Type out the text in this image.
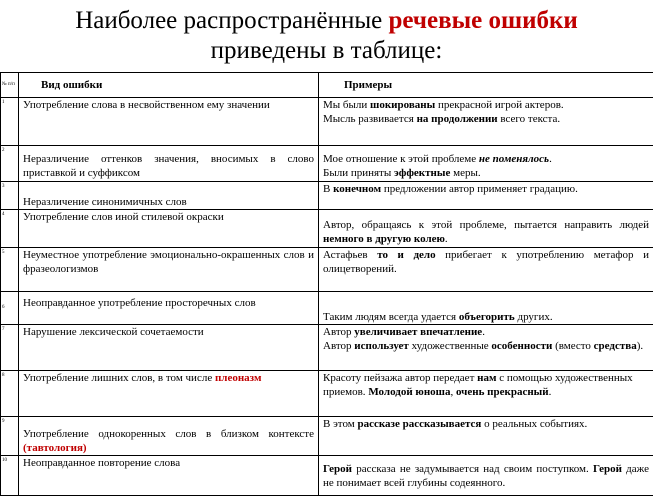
Наиболее распространённые речевые ошибки
приведены в таблице:
№ п/п	Вид ошибки	Примеры
1	Употребление слова в несвойственном ему значении	Мы были шокированы прекрасной игрой актеров.
Мысль развивается на продолжении всего текста.
2	Неразличение оттенков значения, вносимых в слово приставкой и суффиксом	Мое отношение к этой проблеме не поменялось.
Были приняты эффектные меры.
3	Неразличение синонимичных слов	В конечном предложении автор применяет градацию.
4	Употребление слов иной стилевой окраски	Автор, обращаясь к этой проблеме, пытается направить людей немного в другую колею.
5	Неуместное употребление эмоционально-окрашенных слов и фразеологизмов	Астафьев то и дело прибегает к употреблению метафор и олицетворений.
6	Неоправданное употребление просторечных слов	Таким людям всегда удается объегорить других.
7	Нарушение лексической сочетаемости	Автор увеличивает впечатление.
Автор использует художественные особенности (вместо средства).
8	Употребление лишних слов, в том числе плеоназм	Красоту пейзажа автор передает нам с помощью художественных приемов. Молодой юноша, очень прекрасный.
9	Употребление однокоренных слов в близком контексте (тавтология)	В этом рассказе рассказывается о реальных событиях.
10	Неоправданное повторение слова	Герой рассказа не задумывается над своим поступком. Герой даже не понимает всей глубины содеянного.
